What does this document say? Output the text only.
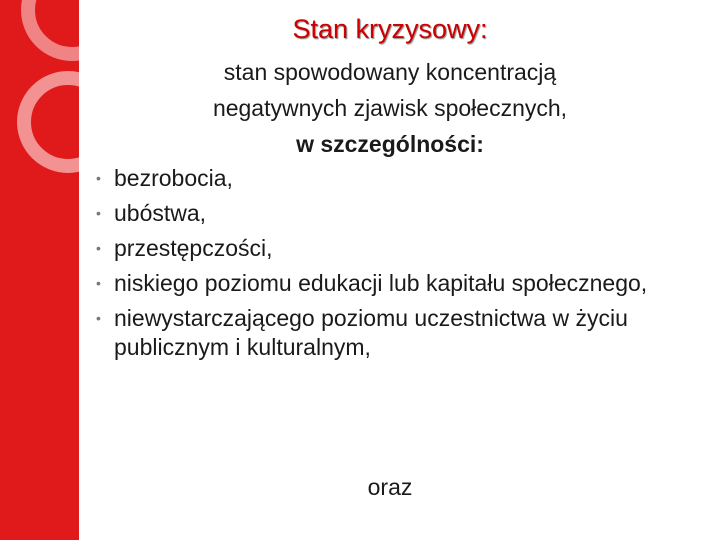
Stan kryzysowy:
stan spowodowany koncentracją
negatywnych zjawisk społecznych,
w szczególności:
• bezrobocia,
• ubóstwa,
• przestępczości,
• niskiego poziomu edukacji lub kapitału społecznego,
• niewystarczającego poziomu uczestnictwa w życiu publicznym i kulturalnym,
oraz
